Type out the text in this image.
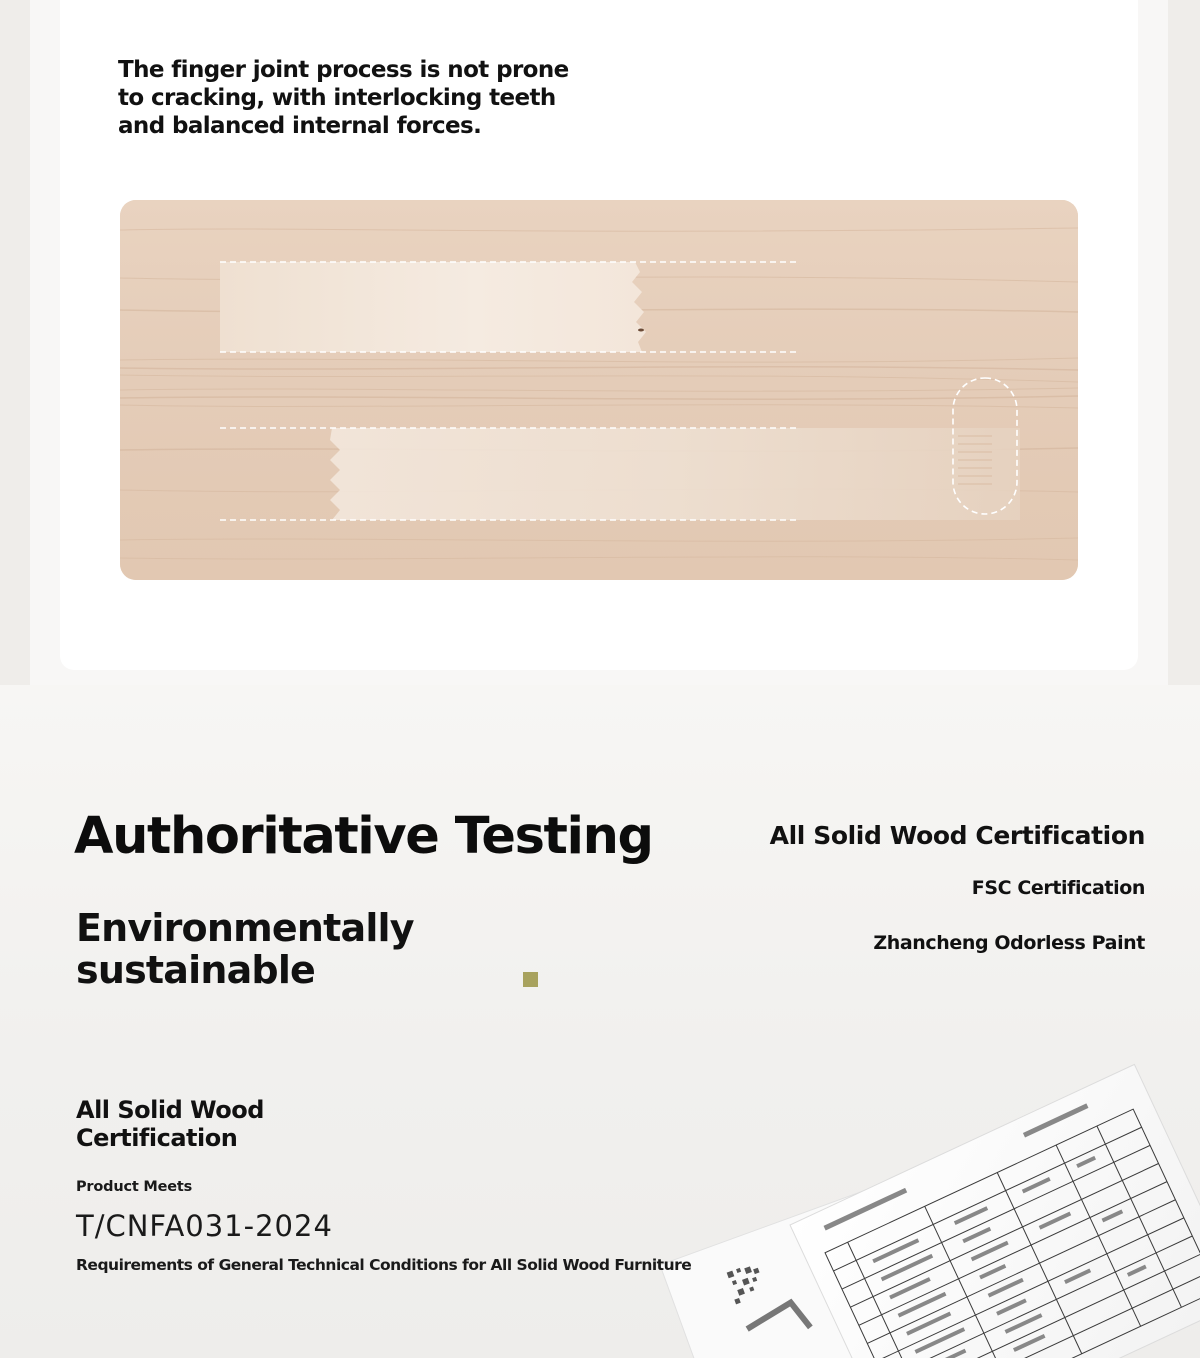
The finger joint process is not prone to cracking, with interlocking teeth and balanced internal forces.

Authoritative Testing
Environmentally sustainable
All Solid Wood Certification
FSC Certification
Zhancheng Odorless Paint
All Solid Wood Certification
Product Meets
T/CNFA031-2024
Requirements of General Technical Conditions for All Solid Wood Furniture
